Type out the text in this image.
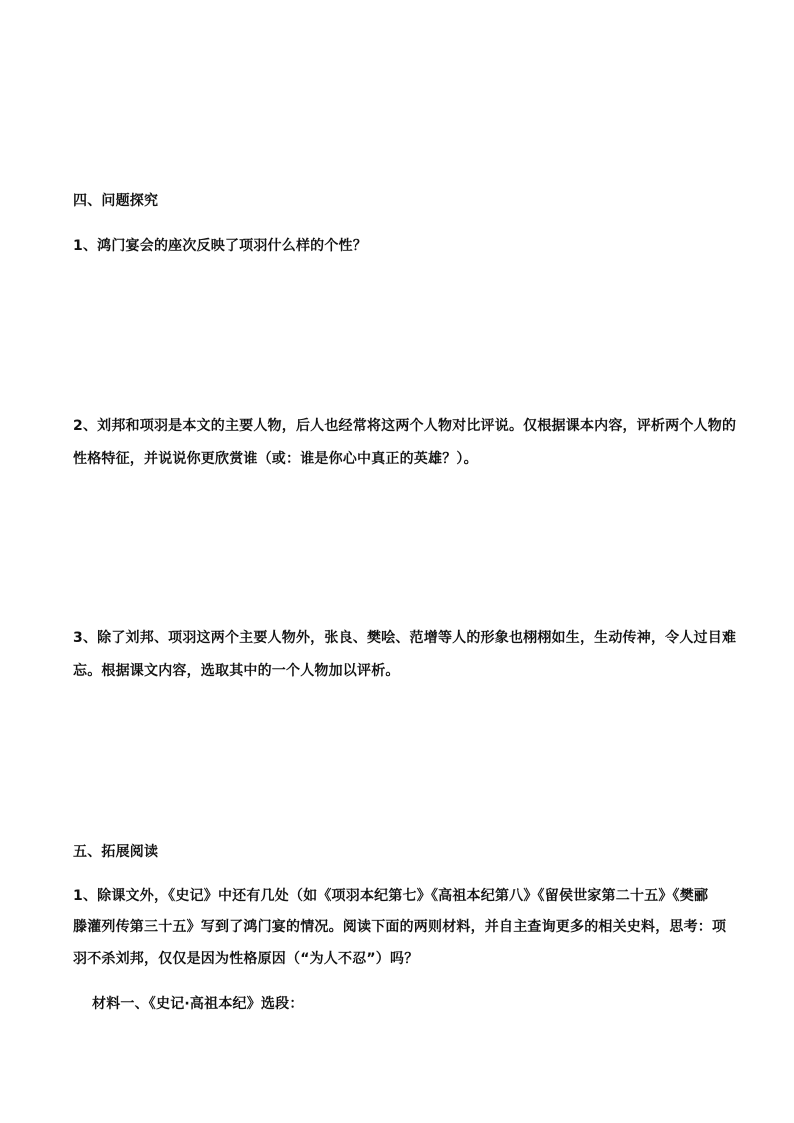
四、问题探究
1、鸿门宴会的座次反映了项羽什么样的个性？
2、刘邦和项羽是本文的主要人物，后人也经常将这两个人物对比评说。仅根据课本内容，评析两个人物的
性格特征，并说说你更欣赏谁（或：谁是你心中真正的英雄？）。
3、除了刘邦、项羽这两个主要人物外，张良、樊哙、范增等人的形象也栩栩如生，生动传神，令人过目难
忘。根据课文内容，选取其中的一个人物加以评析。
五、拓展阅读
1、除课文外，《史记》中还有几处（如《项羽本纪第七》《高祖本纪第八》《留侯世家第二十五》《樊郦
滕灌列传第三十五》写到了鸿门宴的情况。阅读下面的两则材料，并自主查询更多的相关史料，思考：项
羽不杀刘邦，仅仅是因为性格原因（“为人不忍”）吗？
材料一、《史记·高祖本纪》选段：
